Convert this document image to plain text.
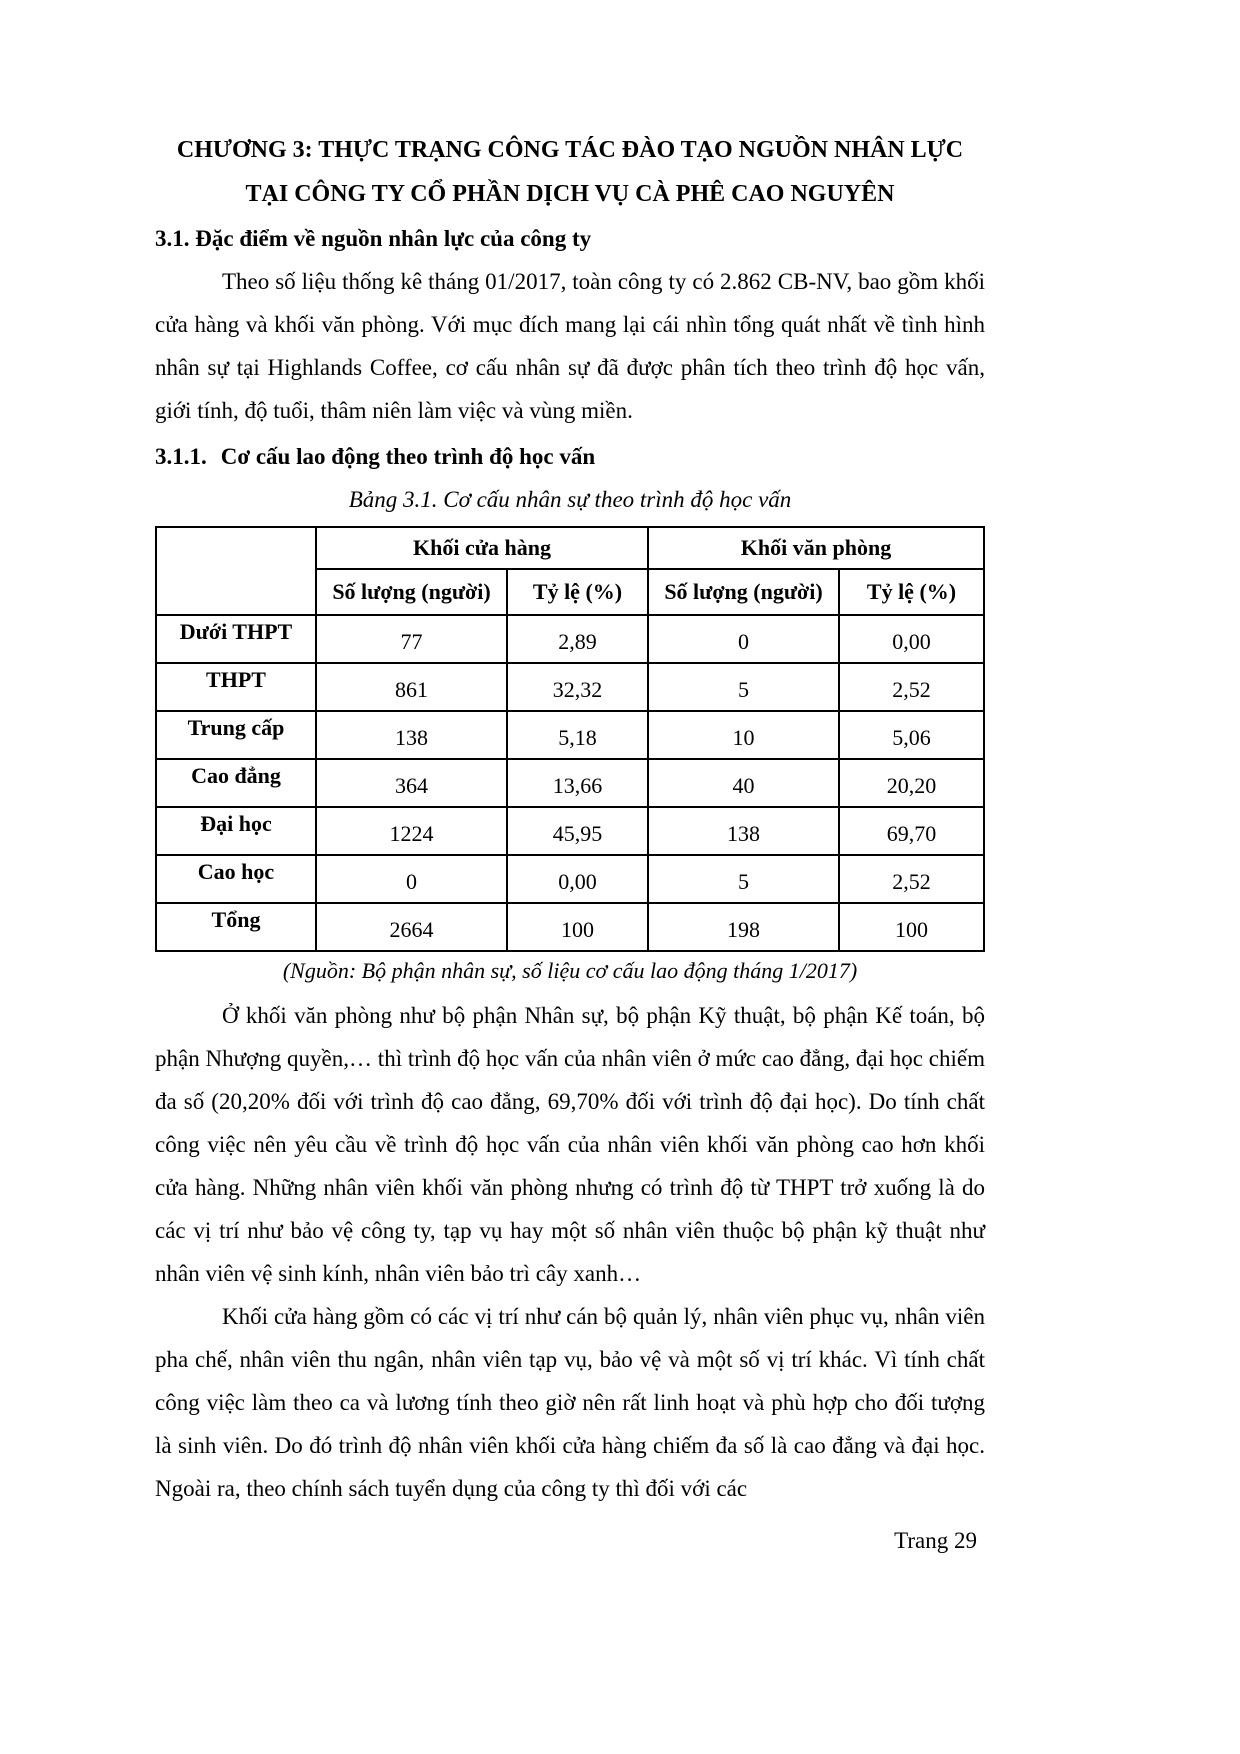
CHƯƠNG 3: THỰC TRẠNG CÔNG TÁC ĐÀO TẠO NGUỒN NHÂN LỰC
TẠI CÔNG TY CỔ PHẦN DỊCH VỤ CÀ PHÊ CAO NGUYÊN
3.1. Đặc điểm về nguồn nhân lực của công ty

Theo số liệu thống kê tháng 01/2017, toàn công ty có 2.862 CB-NV, bao gồm khối cửa hàng và khối văn phòng. Với mục đích mang lại cái nhìn tổng quát nhất về tình hình nhân sự tại Highlands Coffee, cơ cấu nhân sự đã được phân tích theo trình độ học vấn, giới tính, độ tuổi, thâm niên làm việc và vùng miền.

3.1.1. Cơ cấu lao động theo trình độ học vấn
Bảng 3.1. Cơ cấu nhân sự theo trình độ học vấn
	Khối cửa hàng		Khối văn phòng	
	Số lượng (người)	Tỷ lệ (%)	Số lượng (người)	Tỷ lệ (%)
Dưới THPT	77	2,89	0	0,00
THPT	861	32,32	5	2,52
Trung cấp	138	5,18	10	5,06
Cao đẳng	364	13,66	40	20,20
Đại học	1224	45,95	138	69,70
Cao học	0	0,00	5	2,52
Tổng	2664	100	198	100
(Nguồn: Bộ phận nhân sự, số liệu cơ cấu lao động tháng 1/2017)

Ở khối văn phòng như bộ phận Nhân sự, bộ phận Kỹ thuật, bộ phận Kế toán, bộ phận Nhượng quyền,… thì trình độ học vấn của nhân viên ở mức cao đẳng, đại học chiếm đa số (20,20% đối với trình độ cao đẳng, 69,70% đối với trình độ đại học). Do tính chất công việc nên yêu cầu về trình độ học vấn của nhân viên khối văn phòng cao hơn khối cửa hàng. Những nhân viên khối văn phòng nhưng có trình độ từ THPT trở xuống là do các vị trí như bảo vệ công ty, tạp vụ hay một số nhân viên thuộc bộ phận kỹ thuật như nhân viên vệ sinh kính, nhân viên bảo trì cây xanh…

Khối cửa hàng gồm có các vị trí như cán bộ quản lý, nhân viên phục vụ, nhân viên pha chế, nhân viên thu ngân, nhân viên tạp vụ, bảo vệ và một số vị trí khác. Vì tính chất công việc làm theo ca và lương tính theo giờ nên rất linh hoạt và phù hợp cho đối tượng là sinh viên. Do đó trình độ nhân viên khối cửa hàng chiếm đa số là cao đẳng và đại học. Ngoài ra, theo chính sách tuyển dụng của công ty thì đối với các

Trang 29
